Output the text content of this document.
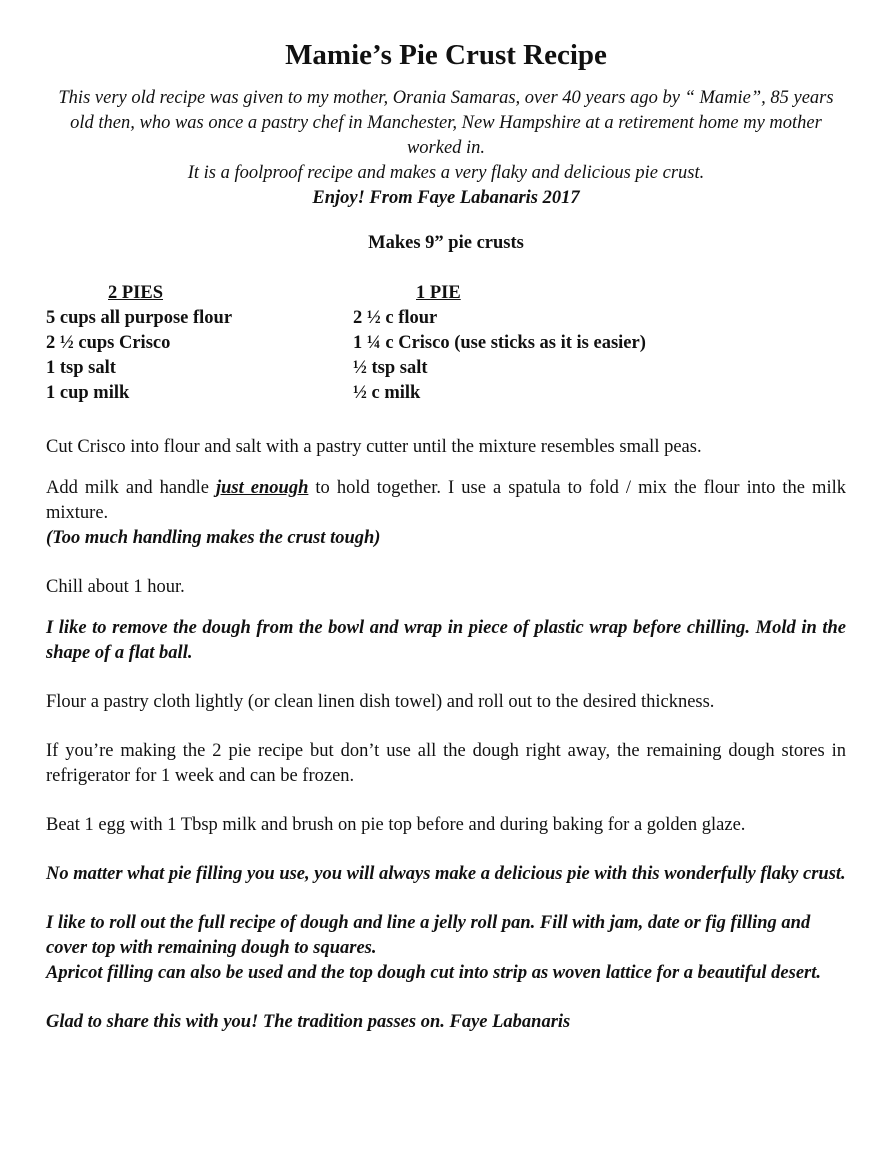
Mamie’s Pie Crust Recipe
This very old recipe was given to my mother, Orania Samaras, over 40 years ago by “ Mamie”, 85 years old then, who was once a pastry chef in Manchester, New Hampshire at a retirement home my mother worked in.
It is a foolproof recipe and makes a very flaky and delicious pie crust.
Enjoy! From Faye Labanaris 2017
Makes 9” pie crusts
2 PIES
5 cups all purpose flour
2 ½ cups Crisco
1 tsp salt
1 cup milk
1 PIE
2 ½ c flour
1 ¼ c Crisco (use sticks as it is easier)
½ tsp salt
½ c milk

Cut Crisco into flour and salt with a pastry cutter until the mixture resembles small peas.

Add milk and handle just enough to hold together. I use a spatula to fold / mix the flour into the milk mixture.

(Too much handling makes the crust tough)

Chill about 1 hour.

I like to remove the dough from the bowl and wrap in piece of plastic wrap before chilling. Mold in the shape of a flat ball.

Flour a pastry cloth lightly (or clean linen dish towel) and roll out to the desired thickness.

If you’re making the 2 pie recipe but don’t use all the dough right away, the remaining dough stores in refrigerator for 1 week and can be frozen.

Beat 1 egg with 1 Tbsp milk and brush on pie top before and during baking for a golden glaze.

No matter what pie filling you use, you will always make a delicious pie with this wonderfully flaky crust.

I like to roll out the full recipe of dough and line a jelly roll pan. Fill with jam, date or fig filling and cover top with remaining dough to squares.

Apricot filling can also be used and the top dough cut into strip as woven lattice for a beautiful desert.

Glad to share this with you! The tradition passes on. Faye Labanaris
